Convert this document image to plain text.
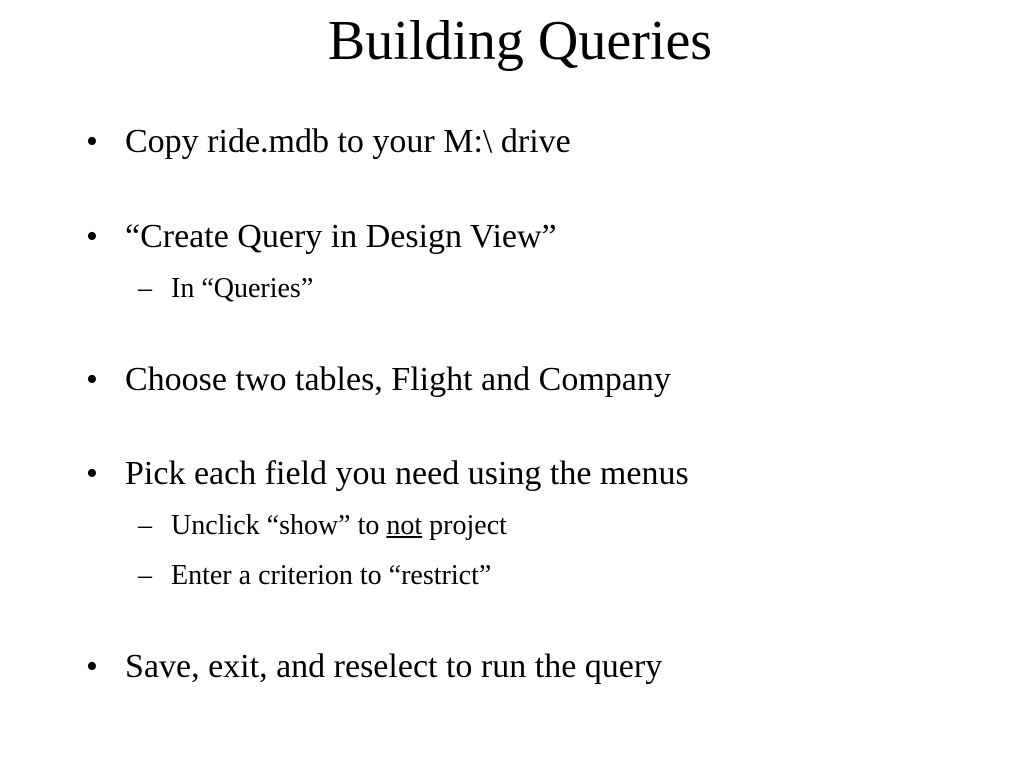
Building Queries
• Copy ride.mdb to your M:\ drive
• “Create Query in Design View”
– In “Queries”
• Choose two tables, Flight and Company
• Pick each field you need using the menus
– Unclick “show” to not project
– Enter a criterion to “restrict”
• Save, exit, and reselect to run the query
